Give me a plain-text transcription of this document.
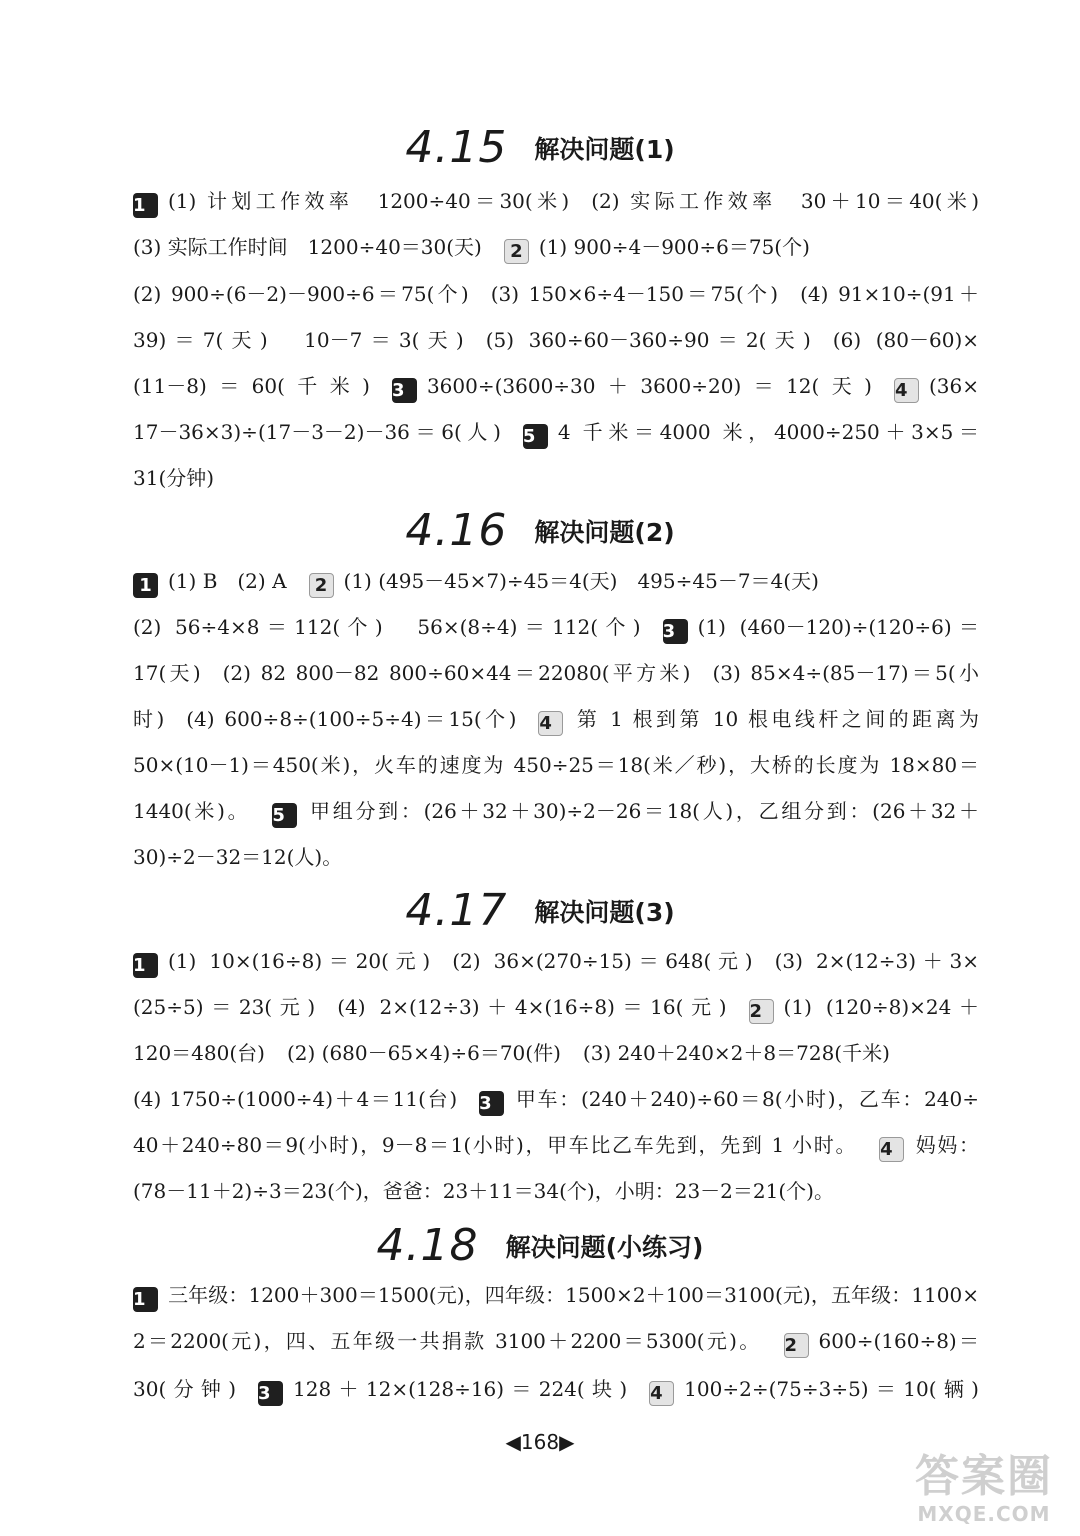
4.15 解决问题(1)
1 (1) 计划工作效率　1200÷40＝30(米) (2) 实际工作效率　30＋10＝40(米)
(3) 实际工作时间　1200÷40＝30(天) 2 (1) 900÷4－900÷6＝75(个)
(2) 900÷(6－2)－900÷6＝75(个) (3) 150×6÷4－150＝75(个) (4) 91×10÷(91＋
39)＝7(天)　10－7＝3(天) (5) 360÷60－360÷90＝2(天) (6) (80－60)×
(11－8)＝60(千米) 3 3600÷(3600÷30＋3600÷20)＝12(天) 4 (36×
17－36×3)÷(17－3－2)－36＝6(人) 5 4 千米＝4000 米，4000÷250＋3×5＝
31(分钟)
4.16 解决问题(2)
1 (1) B　(2) A 2 (1) (495－45×7)÷45＝4(天)　495÷45－7＝4(天)
(2) 56÷4×8＝112(个)　56×(8÷4)＝112(个) 3 (1) (460－120)÷(120÷6)＝
17(天) (2) 82 800－82 800÷60×44＝22080(平方米) (3) 85×4÷(85－17)＝5(小
时) (4) 600÷8÷(100÷5÷4)＝15(个) 4 第 1 根到第 10 根电线杆之间的距离为
50×(10－1)＝450(米)，火车的速度为 450÷25＝18(米／秒)，大桥的长度为 18×80＝
1440(米)。 5 甲组分到：(26＋32＋30)÷2－26＝18(人)，乙组分到：(26＋32＋
30)÷2－32＝12(人)。
4.17 解决问题(3)
1 (1) 10×(16÷8)＝20(元) (2) 36×(270÷15)＝648(元) (3) 2×(12÷3)＋3×
(25÷5)＝23(元) (4) 2×(12÷3)＋4×(16÷8)＝16(元) 2 (1) (120÷8)×24＋
120＝480(台) (2) (680－65×4)÷6＝70(件) (3) 240＋240×2＋8＝728(千米)
(4) 1750÷(1000÷4)＋4＝11(台) 3 甲车：(240＋240)÷60＝8(小时)，乙车：240÷
40＋240÷80＝9(小时)，9－8＝1(小时)，甲车比乙车先到，先到 1 小时。 4 妈妈：
(78－11＋2)÷3＝23(个)，爸爸：23＋11＝34(个)，小明：23－2＝21(个)。
4.18 解决问题(小练习)
1 三年级：1200＋300＝1500(元)，四年级：1500×2＋100＝3100(元)，五年级：1100×
2＝2200(元)，四、五年级一共捐款 3100＋2200＝5300(元)。 2 600÷(160÷8)＝
30(分钟) 3 128＋12×(128÷16)＝224(块) 4 100÷2÷(75÷3÷5)＝10(辆)
◀168▶
答案圈
MXQE.COM
